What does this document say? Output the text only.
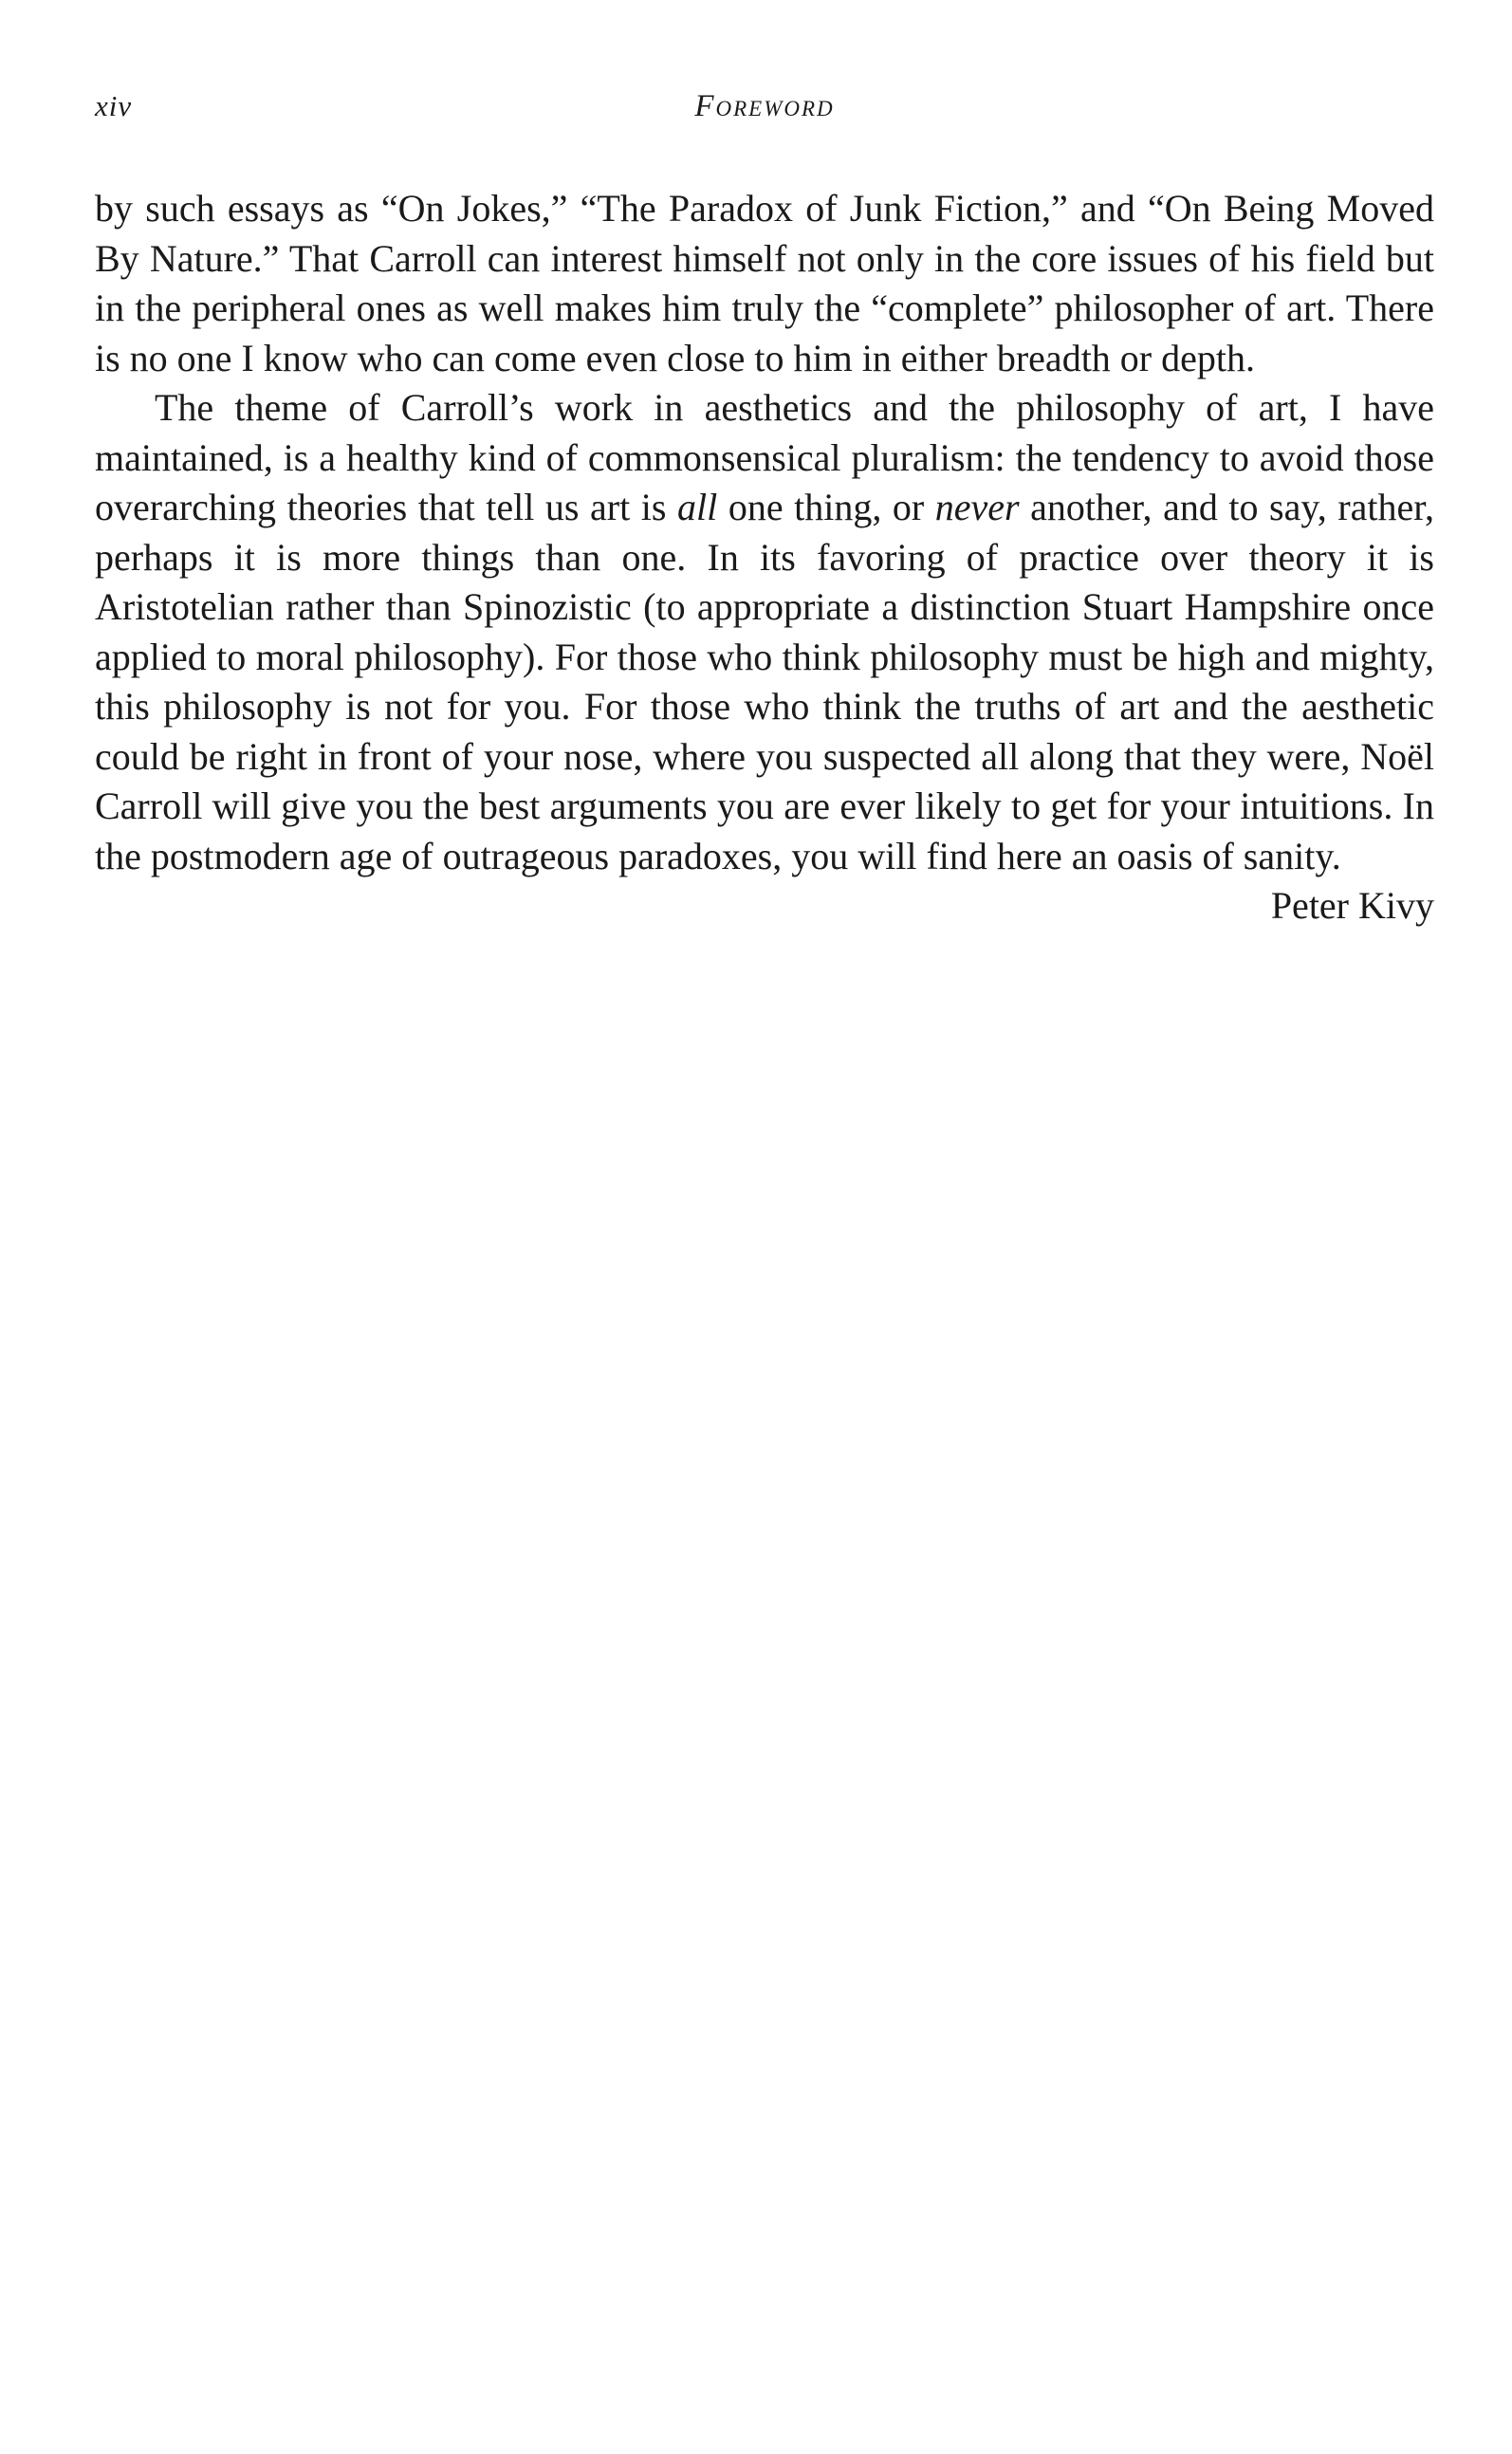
xiv	Foreword

by such essays as “On Jokes,” “The Paradox of Junk Fiction,” and “On Being Moved By Nature.” That Carroll can interest himself not only in the core issues of his field but in the peripheral ones as well makes him truly the “complete” philosopher of art. There is no one I know who can come even close to him in either breadth or depth.

The theme of Carroll’s work in aesthetics and the philosophy of art, I have maintained, is a healthy kind of commonsensical pluralism: the tendency to avoid those overarching theories that tell us art is all one thing, or never another, and to say, rather, perhaps it is more things than one. In its favoring of practice over theory it is Aristotelian rather than Spinozistic (to appropriate a distinction Stuart Hampshire once applied to moral philosophy). For those who think philosophy must be high and mighty, this philosophy is not for you. For those who think the truths of art and the aesthetic could be right in front of your nose, where you suspected all along that they were, Noël Carroll will give you the best arguments you are ever likely to get for your intuitions. In the postmodern age of outrageous paradoxes, you will find here an oasis of sanity.

Peter Kivy
